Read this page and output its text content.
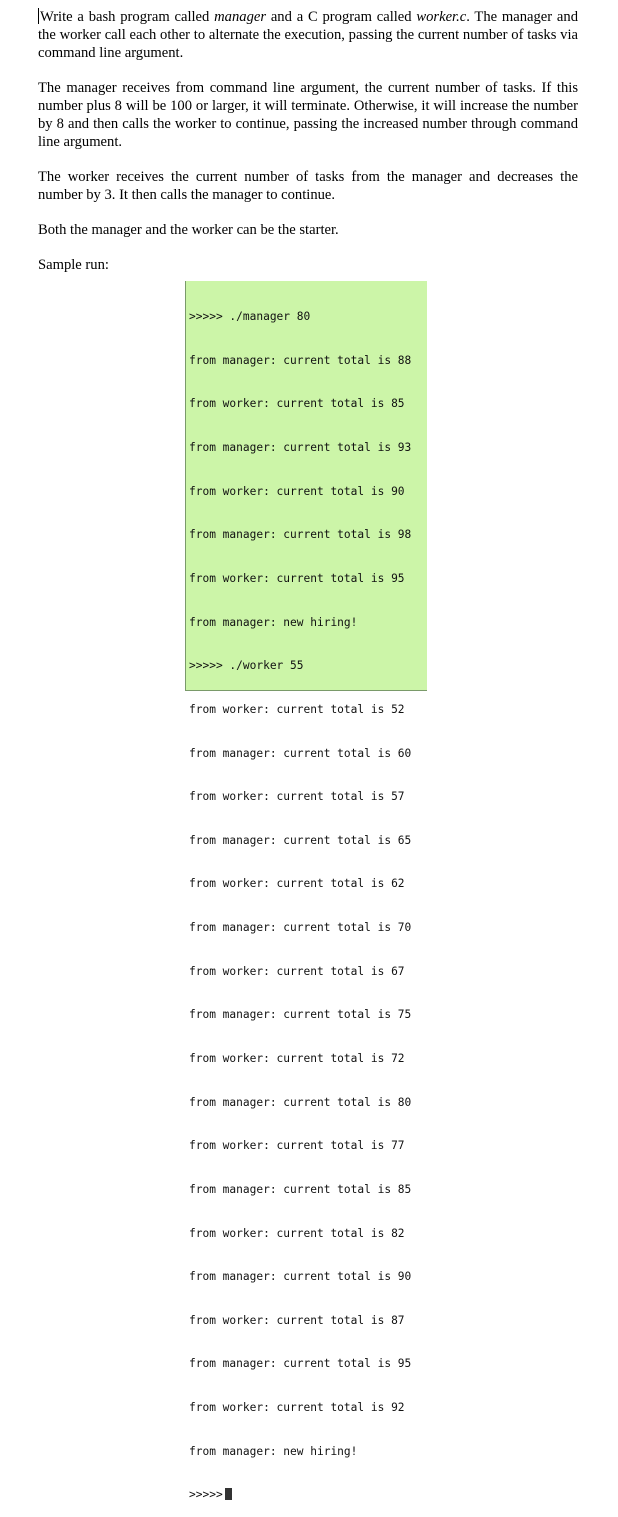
Write a bash program called manager and a C program called worker.c. The manager and the worker call each other to alternate the execution, passing the current number of tasks via command line argument.

The manager receives from command line argument, the current number of tasks. If this number plus 8 will be 100 or larger, it will terminate. Otherwise, it will increase the number by 8 and then calls the worker to continue, passing the increased number through command line argument.

The worker receives the current number of tasks from the manager and decreases the number by 3. It then calls the manager to continue.

Both the manager and the worker can be the starter.

Sample run:

>>>>> ./manager 80

from manager: current total is 88

from worker: current total is 85

from manager: current total is 93

from worker: current total is 90

from manager: current total is 98

from worker: current total is 95

from manager: new hiring!

>>>>> ./worker 55

from worker: current total is 52

from manager: current total is 60

from worker: current total is 57

from manager: current total is 65

from worker: current total is 62

from manager: current total is 70

from worker: current total is 67

from manager: current total is 75

from worker: current total is 72

from manager: current total is 80

from worker: current total is 77

from manager: current total is 85

from worker: current total is 82

from manager: current total is 90

from worker: current total is 87

from manager: current total is 95

from worker: current total is 92

from manager: new hiring!

>>>>>
